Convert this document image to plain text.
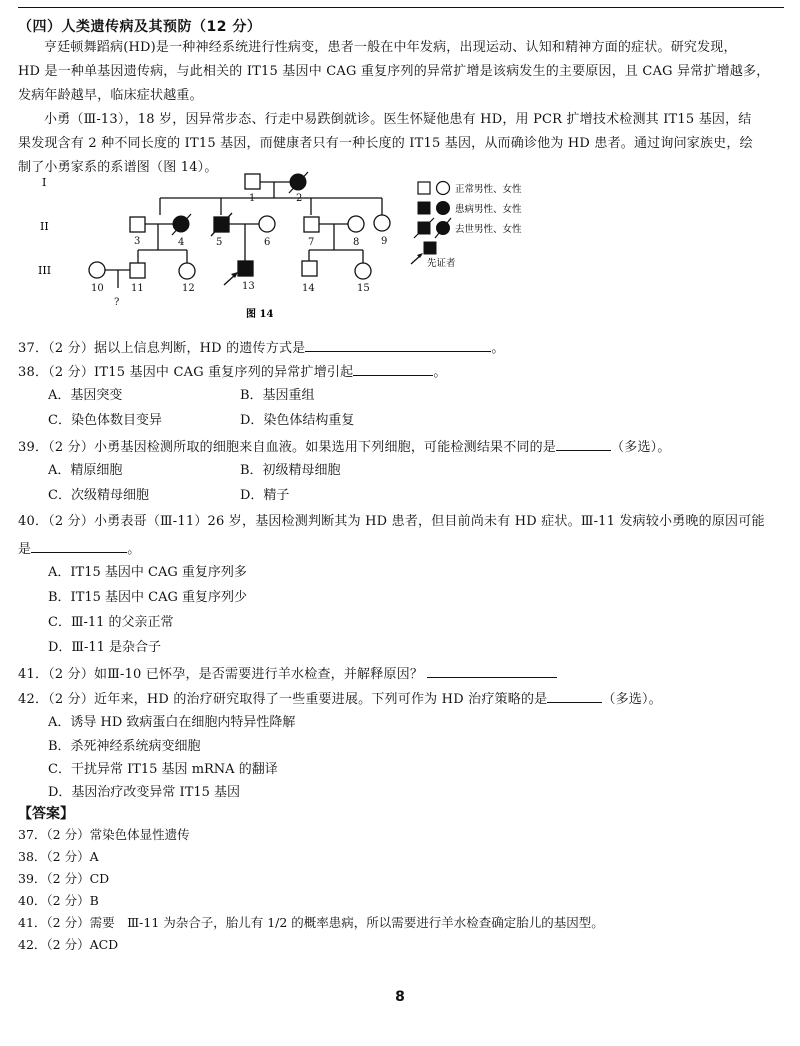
（四）人类遗传病及其预防（12 分）
亨廷顿舞蹈病(HD)是一种神经系统进行性病变，患者一般在中年发病，出现运动、认知和精神方面的症状。研究发现，
HD 是一种单基因遗传病，与此相关的 IT15 基因中 CAG 重复序列的异常扩增是该病发生的主要原因，且 CAG 异常扩增越多，
发病年龄越早，临床症状越重。
小勇（Ⅲ-13），18 岁，因异常步态、行走中易跌倒就诊。医生怀疑他患有 HD，用 PCR 扩增技术检测其 IT15 基因，结
果发现含有 2 种不同长度的 IT15 基因，而健康者只有一种长度的 IT15 基因，从而确诊他为 HD 患者。通过询问家族史，绘
制了小勇家系的系谱图（图 14）。
I
II
III
1	2
3	4	5	6	7	8 9
10	11	12	13	14	15
?
图 14
正常男性、女性
患病男性、女性
去世男性、女性
先证者
37．（2 分）据以上信息判断，HD 的遗传方式是	。
38．（2 分）IT15 基因中 CAG 重复序列的异常扩增引起	。
A．基因突变	B．基因重组
C．染色体数目变异	D．染色体结构重复
39．（2 分）小勇基因检测所取的细胞来自血液。如果选用下列细胞，可能检测结果不同的是	（多选）。
A．精原细胞	B．初级精母细胞
C．次级精母细胞	D．精子
40．（2 分）小勇表哥（Ⅲ-11）26 岁，基因检测判断其为 HD 患者，但目前尚未有 HD 症状。Ⅲ-11 发病较小勇晚的原因可能
是	。
A．IT15 基因中 CAG 重复序列多
B．IT15 基因中 CAG 重复序列少
C．Ⅲ-11 的父亲正常
D．Ⅲ-11 是杂合子
41．（2 分）如Ⅲ-10 已怀孕，是否需要进行羊水检查，并解释原因？
42．（2 分）近年来，HD 的治疗研究取得了一些重要进展。下列可作为 HD 治疗策略的是	（多选）。
A．诱导 HD 致病蛋白在细胞内特异性降解
B．杀死神经系统病变细胞
C．干扰异常 IT15 基因 mRNA 的翻译
D．基因治疗改变异常 IT15 基因
【答案】
37．（2 分）常染色体显性遗传
38．（2 分）A
39．（2 分）CD
40．（2 分）B
41．（2 分）需要　Ⅲ-11 为杂合子，胎儿有 1/2 的概率患病，所以需要进行羊水检查确定胎儿的基因型。
42．（2 分）ACD
8
